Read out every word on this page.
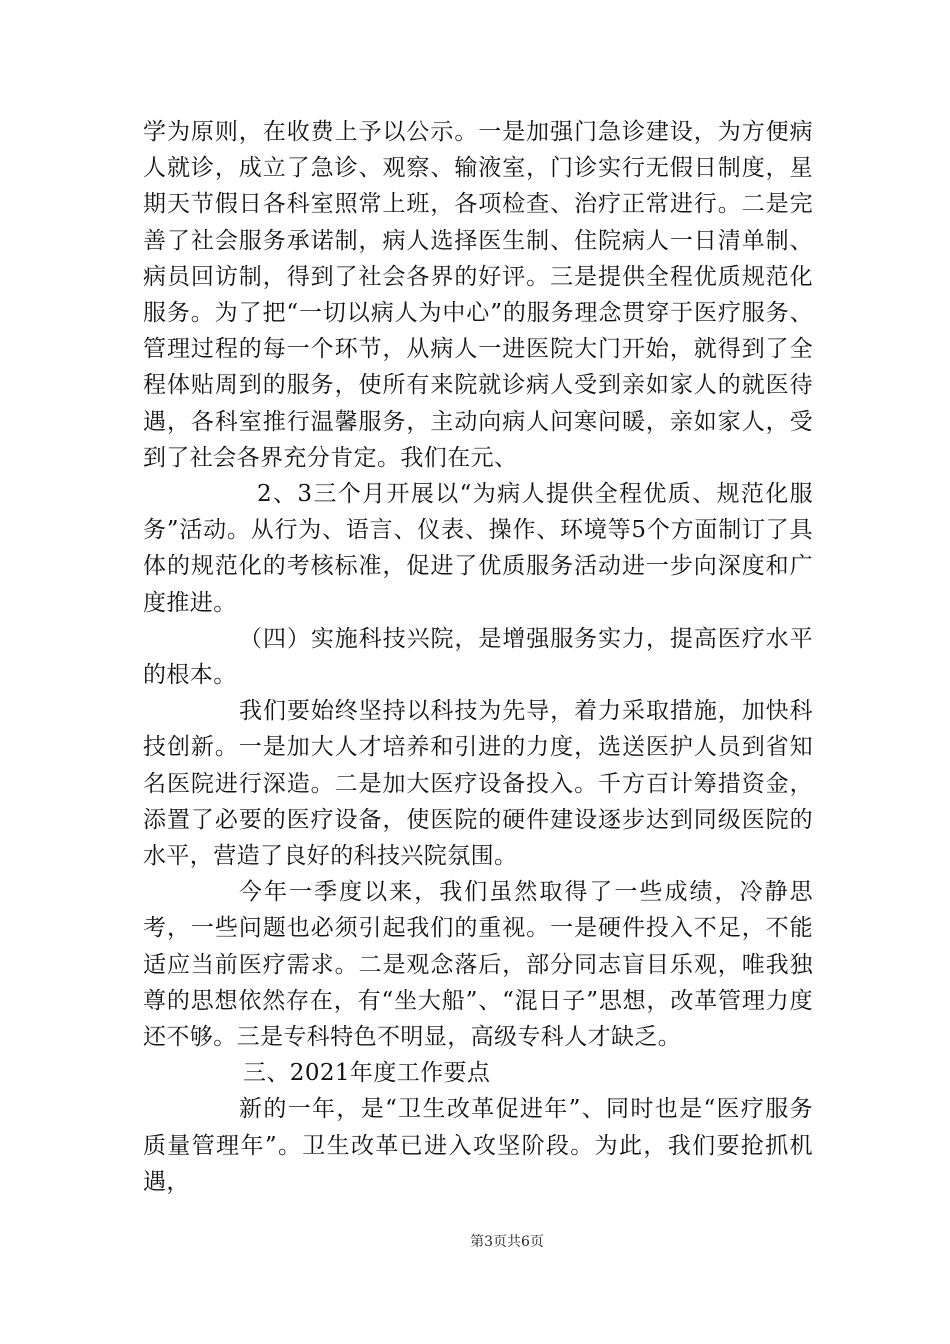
学为原则，在收费上予以公示。一是加强门急诊建设，为方便病人就诊，成立了急诊、观察、输液室，门诊实行无假日制度，星期天节假日各科室照常上班，各项检查、治疗正常进行。二是完善了社会服务承诺制，病人选择医生制、住院病人一日清单制、病员回访制，得到了社会各界的好评。三是提供全程优质规范化服务。为了把“一切以病人为中心”的服务理念贯穿于医疗服务、管理过程的每一个环节，从病人一进医院大门开始，就得到了全程体贴周到的服务，使所有来院就诊病人受到亲如家人的就医待遇，各科室推行温馨服务，主动向病人问寒问暖，亲如家人，受到了社会各界充分肯定。我们在元、

2、3三个月开展以“为病人提供全程优质、规范化服务”活动。从行为、语言、仪表、操作、环境等5个方面制订了具体的规范化的考核标准，促进了优质服务活动进一步向深度和广度推进。

（四）实施科技兴院，是增强服务实力，提高医疗水平的根本。

我们要始终坚持以科技为先导，着力采取措施，加快科技创新。一是加大人才培养和引进的力度，选送医护人员到省知名医院进行深造。二是加大医疗设备投入。千方百计筹措资金，添置了必要的医疗设备，使医院的硬件建设逐步达到同级医院的水平，营造了良好的科技兴院氛围。

今年一季度以来，我们虽然取得了一些成绩，冷静思考，一些问题也必须引起我们的重视。一是硬件投入不足，不能适应当前医疗需求。二是观念落后，部分同志盲目乐观，唯我独尊的思想依然存在，有“坐大船”、“混日子”思想，改革管理力度还不够。三是专科特色不明显，高级专科人才缺乏。

三、2021年度工作要点

新的一年，是“卫生改革促进年”、同时也是“医疗服务质量管理年”。卫生改革已进入攻坚阶段。为此，我们要抢抓机遇，

第3页共6页
